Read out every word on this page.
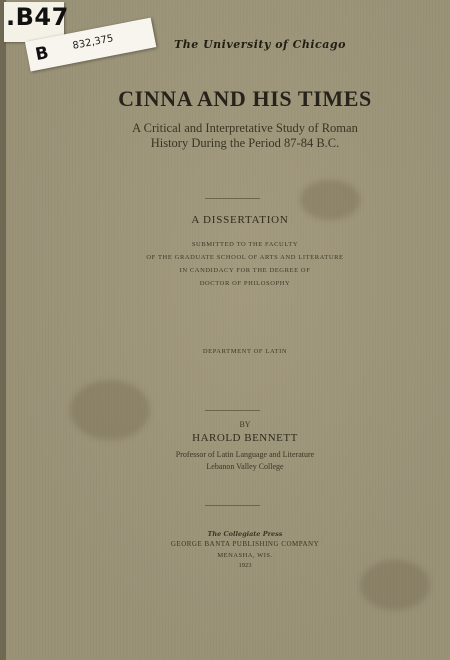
.B47
B
832,375	The University of Chicago

CINNA AND HIS TIMES
A Critical and Interpretative Study of Roman
History During the Period 87-84 B.C.

A DISSERTATION

SUBMITTED TO THE FACULTY
OF THE GRADUATE SCHOOL OF ARTS AND LITERATURE
IN CANDIDACY FOR THE DEGREE OF
DOCTOR OF PHILOSOPHY

DEPARTMENT OF LATIN

BY

HAROLD BENNETT

Professor of Latin Language and Literature
Lebanon Valley College

The Collegiate Press

GEORGE BANTA PUBLISHING COMPANY

MENASHA, WIS.

1923
